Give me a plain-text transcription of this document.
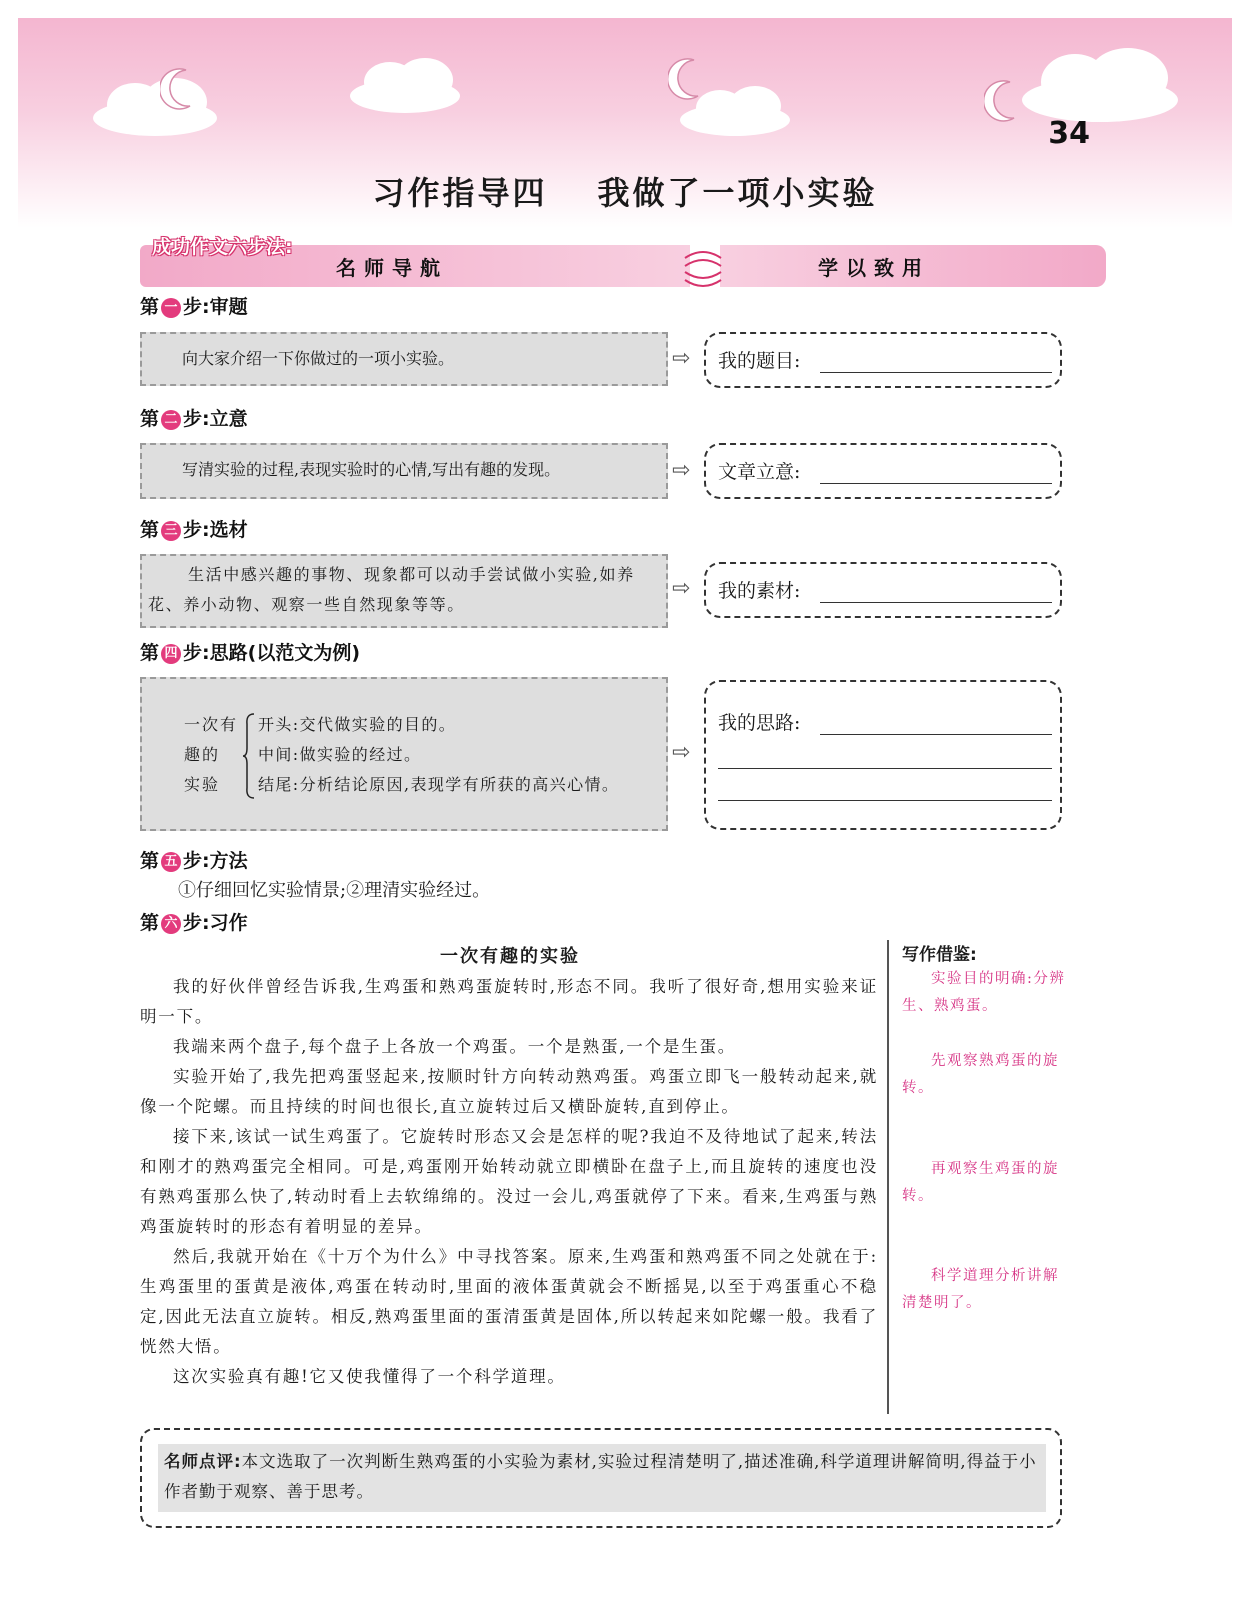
34
习作指导四 我做了一项小实验
成功作文六步法:
名师导航	学以致用
第 一 步:审题
向大家介绍一下你做过的一项小实验。	⇨ 我的题目:
第 二 步:立意
写清实验的过程,表现实验时的心情,写出有趣的发现。	⇨ 文章立意:
第 三 步:选材
生活中感兴趣的事物、现象都可以动手尝试做小实验,如养花、养小动物、观察一些自然现象等等。
⇨ 我的素材:
第 四 步:思路(以范文为例)
一次有
趣的
实验
开头:交代做实验的目的。
中间:做实验的经过。
结尾:分析结论原因,表现学有所获的高兴心情。
⇨
我的思路:
第 五 步:方法
①仔细回忆实验情景;②理清实验经过。
第 六 步:习作
一次有趣的实验

我的好伙伴曾经告诉我,生鸡蛋和熟鸡蛋旋转时,形态不同。我听了很好奇,想用实验来证明一下。

我端来两个盘子,每个盘子上各放一个鸡蛋。一个是熟蛋,一个是生蛋。

实验开始了,我先把鸡蛋竖起来,按顺时针方向转动熟鸡蛋。鸡蛋立即飞一般转动起来,就像一个陀螺。而且持续的时间也很长,直立旋转过后又横卧旋转,直到停止。

接下来,该试一试生鸡蛋了。它旋转时形态又会是怎样的呢?我迫不及待地试了起来,转法和刚才的熟鸡蛋完全相同。可是,鸡蛋刚开始转动就立即横卧在盘子上,而且旋转的速度也没有熟鸡蛋那么快了,转动时看上去软绵绵的。没过一会儿,鸡蛋就停了下来。看来,生鸡蛋与熟鸡蛋旋转时的形态有着明显的差异。

然后,我就开始在《十万个为什么》中寻找答案。原来,生鸡蛋和熟鸡蛋不同之处就在于:生鸡蛋里的蛋黄是液体,鸡蛋在转动时,里面的液体蛋黄就会不断摇晃,以至于鸡蛋重心不稳定,因此无法直立旋转。相反,熟鸡蛋里面的蛋清蛋黄是固体,所以转起来如陀螺一般。我看了恍然大悟。

这次实验真有趣!它又使我懂得了一个科学道理。

写作借鉴:
实验目的明确:分辨生、熟鸡蛋。
先观察熟鸡蛋的旋转。
再观察生鸡蛋的旋转。
科学道理分析讲解清楚明了。
名师点评:本文选取了一次判断生熟鸡蛋的小实验为素材,实验过程清楚明了,描述准确,科学道理讲解简明,得益于小作者勤于观察、善于思考。
